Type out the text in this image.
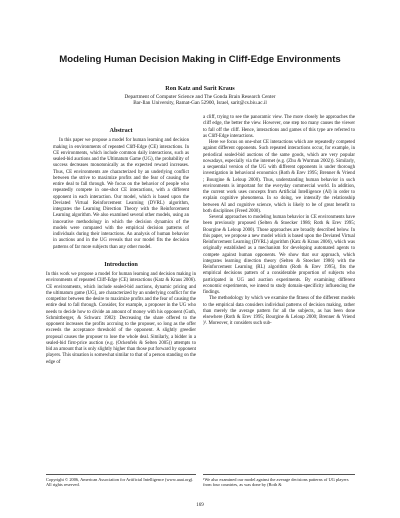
Modeling Human Decision Making in Cliff-Edge Environments
Ron Katz and Sarit Kraus
Department of Computer Science and The Gonda Brain Research Center
Bar-Ilan University, Ramat-Gan 52900, Israel, sarit@cs.biu.ac.il
Abstract

In this paper we propose a model for human learning and decision making in environments of repeated Cliff-Edge (CE) interactions. In CE environments, which include common daily interactions, such as sealed-bid auctions and the Ultimatum Game (UG), the probability of success decreases monotonically as the expected reward increases. Thus, CE environments are characterized by an underlying conflict between the strive to maximize profits and the fear of causing the entire deal to fall through. We focus on the behavior of people who repeatedly compete in one-shot CE interactions, with a different opponent in each interaction. Our model, which is based upon the Deviated Virtual Reinforcement Learning (DVRL) algorithm, integrates the Learning Direction Theory with the Reinforcement Learning algorithm. We also examined several other models, using an innovative methodology in which the decision dynamics of the models were compared with the empirical decision patterns of individuals during their interactions. An analysis of human behavior in auctions and in the UG reveals that our model fits the decision patterns of far more subjects than any other model.

Introduction

In this work we propose a model for human learning and decision making in environments of repeated Cliff-Edge (CE) interactions (Katz & Kraus 2006). CE environments, which include sealed-bid auctions, dynamic pricing and the ultimatum game (UG), are characterized by an underlying conflict for the competitor between the desire to maximize profits and the fear of causing the entire deal to fall through. Consider, for example, a proposer in the UG who needs to decide how to divide an amount of money with his opponent (Guth, Schmittberger, & Schwarz 1982): Decreasing the share offered to the opponent increases the profits accruing to the proposer, so long as the offer exceeds the acceptance threshold of the opponent. A slightly greedier proposal causes the proposer to lose the whole deal. Similarly, a bidder in a sealed-bid first-price auction (e.g. (Ockenfels & Selten 2005)) attempts to bid an amount that is only slightly higher than those put forward by opponent players. This situation is somewhat similar to that of a person standing on the edge of

a cliff, trying to see the panoramic view. The more closely he approaches the cliff edge, the better the view. However, one step too many causes the viewer to fall off the cliff. Hence, interactions and games of this type are referred to as Cliff-Edge interactions.

Here we focus on one-shot CE interactions which are repeatedly competed against different opponents. Such repeated interactions occur, for example, in periodical sealed-bid auctions of the same goods, which are very popular nowadays, especially via the internet (e.g. (Zhu & Wurman 2002)). Similarly, a sequential version of the UG with different opponents is under thorough investigation in behavioral economics (Roth & Erev 1995; Brenner & Vriend ; Bourgine & Leloup 2000). Thus, understanding human behavior in such environments is important for the everyday commercial world. In addition, the current work uses concepts from Artificial Intelligence (AI) in order to explain cognitive phenomena. In so doing, we intensify the relationship between AI and cognitive science, which is likely to be of great benefit to both disciplines (Freed 2000).

Several approaches to modeling human behavior in CE environments have been previously proposed (Selten & Stoecker 1986; Roth & Erev 1995; Bourgine & Leloup 2000). Those approaches are broadly described below. In this paper, we propose a new model which is based upon the Deviated Virtual Reinforcement Learning (DVRL) algorithm (Katz & Kraus 2006), which was originally established as a mechanism for developing automated agents to compete against human opponents. We show that our approach, which integrates learning direction theory (Selten & Stoecker 1986) with the Reinforcement Learning (RL) algorithm (Roth & Erev 1995), fits the empirical decisions pattern of a considerable proportion of subjects who participated in UG and auction experiments. By examining different economic experiments, we intend to study domain-specificity influencing the findings.

The methodology by which we examine the fitness of the different models to the empirical data considers individual patterns of decision making, rather than merely the average pattern for all the subjects, as has been done elsewhere (Roth & Erev 1995; Bourgine & Leloup 2000; Brenner & Vriend )¹. Moreover, it considers such sub-

Copyright © 2006, American Association for Artificial Intelligence (www.aaai.org). All rights reserved.
¹We also examined our model against the average decisions patterns of UG players from four countries, as was done by (Roth &
169
